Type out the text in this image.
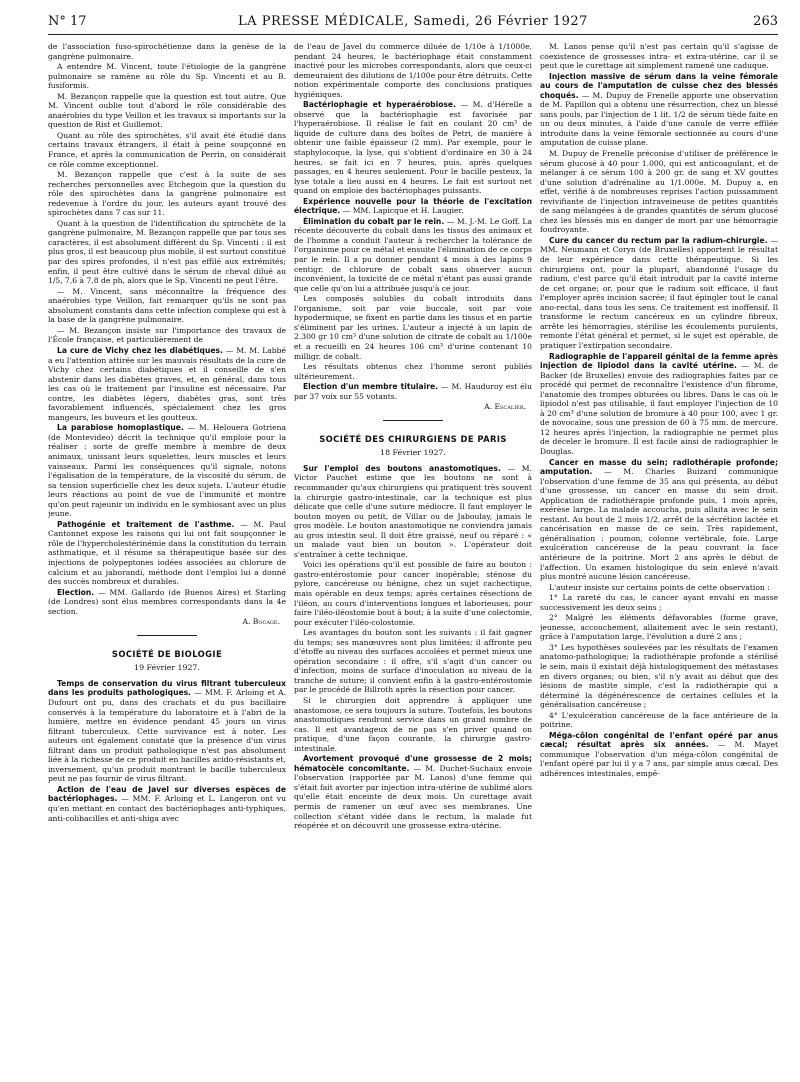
N° 17	LA PRESSE MÉDICALE, Samedi, 26 Février 1927	263

de l'association fuso-spirochétienne dans la genèse de la gangrène pulmonaire.

A entendre M. Vincent, toute l'étiologie de la gangrène pulmonaire se ramène au rôle du Sp. Vincenti et au B. fusiformis.

M. Bezançon rappelle que la question est tout autre. Que M. Vincent oublie tout d'abord le rôle considérable des anaérobies du type Veillon et les travaux si importants sur la question de Rist et Guillemot.

Quant au rôle des spirochètes, s'il avait été étudié dans certains travaux étrangers, il était à peine soupçonné en France, et après la communication de Perrin, on considérait ce rôle comme exceptionnel.

M. Bezançon rappelle que c'est à la suite de ses recherches personnelles avec Etchegoin que la question du rôle des spirochètes dans la gangrène pulmonaire est redevenue à l'ordre du jour, les auteurs ayant trouvé des spirochètes dans 7 cas sur 11.

Quant à la question de l'identification du spirochète de la gangrène pulmonaire, M. Bezançon rappelle que par tous ses caractères, il est absolument différent du Sp. Vincenti : il est plus gros, il est beaucoup plus mobile, il est surtout constitué par des spires profondes, il n'est pas effilé aux extrémités; enfin, il peut être cultivé dans le sérum de cheval dilué au 1/5, 7,6 à 7,8 de ph, alors que le Sp. Vincenti ne peut l'être.

— M. Vincent, sans méconnaître la fréquence des anaérobies type Veillon, fait remarquer qu'ils ne sont pas absolument constants dans cette infection complexe qui est à la base de la gangrène pulmonaire.

— M. Bezançon insiste sur l'importance des travaux de l'École française, et particulièrement de

La cure de Vichy chez les diabétiques. — M. M. Labbé a eu l'attention attirée sur les mauvais résultats de la cure de Vichy chez certains diabétiques et il conseille de s'en abstenir dans les diabètes graves, et, en général, dans tous les cas où le traitement par l'insuline est nécessaire. Par contre, les diabètes légers, diabètes gras, sont très favorablement influencés, spécialement chez les gros mangeurs, les buveurs et les goutteux.

La parabiose homoplastique. — M. Helouera Gotriena (de Montevideo) décrit la technique qu'il emploie pour la réaliser : sorte de greffe membre à membre de deux animaux, unissant leurs squelettes, leurs muscles et leurs vaisseaux. Parmi les conséquences qu'il signale, notons l'égalisation de la température, de la viscosité du sérum, de sa tension superficielle chez les deux sujets. L'auteur étudie leurs réactions au point de vue de l'immunité et montre qu'on peut rajeunir un individu en le symbiosant avec un plus jeune.

Pathogénie et traitement de l'asthme. — M. Paul Cantonnet expose les raisons qui lui ont fait soupçonner le rôle de l'hypercholestérinémie dans la constitution du terrain asthmatique, et il résume sa thérapeutique basée sur des injections de polypeptones iodées associées au chlorure de calcium et au jaborandi, méthode dont l'emploi lui a donné des succès nombreux et durables.

Election. — MM. Gallardo (de Buenos Aires) et Starling (de Londres) sont élus membres correspondants dans la 4e section.

A. Bocage.

SOCIÉTÉ DE BIOLOGIE
19 Février 1927.

Temps de conservation du virus filtrant tuberculeux dans les produits pathologiques. — MM. F. Arloing et A. Dufourt ont pu, dans des crachats et du pus bacillaire conservés à la température du laboratoire et à l'abri de la lumière, mettre en évidence pendant 45 jours un virus filtrant tuberculeux. Cette survivance est à noter. Les auteurs ont également constaté que la présence d'un virus filtrant dans un produit pathologique n'est pas absolument liée à la richesse de ce produit en bacilles acido-résistants et, inversement, qu'un produit montrant le bacille tuberculeux peut ne pas fournir de virus filtrant.

Action de l'eau de Javel sur diverses espèces de bactériophages. — MM. F. Arloing et L. Langeron ont vu qu'en mettant en contact des bactériophages anti-typhiques, anti-colibacilles et anti-shiga avec

de l'eau de Javel du commerce diluée de 1/10e à 1/1000e, pendant 24 heures, le bactériophage était constamment inactivé pour les microbes correspondants, alors que ceux-ci demeuraient des dilutions de 1/100e pour être détruits. Cette notion expérimentale comporte des conclusions pratiques hygiéniques.

Bactériophagie et hyperaérobiose. — M. d'Hérelle a observé que la bactériophagie est favorisée par l'hyperaérobiose. Il réalise le fait en coulant 20 cm³ de liquide de culture dans des boîtes de Petri, de manière à obtenir une faible épaisseur (2 mm). Par exemple, pour le staphylocoque, la lyse, qui s'obtient d'ordinaire en 30 à 24 heures, se fait ici en 7 heures, puis, après quelques passages, en 4 heures seulement. Pour le bacille pesteux, la lyse totale a lieu aussi en 4 heures. Le fait est surtout net quand on emploie des bactériophages puissants.

Expérience nouvelle pour la théorie de l'excitation électrique. — MM. Lapicque et H. Laugier.

Élimination du cobalt par le rein. — M. J.-M. Le Goff. La récente découverte du cobalt dans les tissus des animaux et de l'homme a conduit l'auteur à rechercher la tolérance de l'organisme pour ce métal et ensuite l'élimination de ce corps par le rein. Il a pu donner pendant 4 mois à des lapins 9 centigr. de chlorure de cobalt sans observer aucun inconvénient, la toxicité de ce métal n'étant pas aussi grande que celle qu'on lui a attribuée jusqu'à ce jour.

Les composés solubles du cobalt introduits dans l'organisme, soit par voie buccale, soit par voie hypodermique, se fixent en partie dans les tissus et en partie s'éliminent par les urines. L'auteur a injecté à un lapin de 2.300 gr 10 cm³ d'une solution de citrate de cobalt au 1/100e et a recueilli en 24 heures 106 cm³ d'urine contenant 10 milligr. de cobalt.

Les résultats obtenus chez l'homme seront publiés ultérieurement.

Election d'un membre titulaire. — M. Hauduroy est élu par 37 voix sur 55 votants.

A. Escalier.

SOCIÉTÉ DES CHIRURGIENS DE PARIS
18 Février 1927.

Sur l'emploi des boutons anastomotiques. — M. Victor Pauchet estime que les boutons ne sont à recommander qu'aux chirurgiens qui pratiquent très souvent la chirurgie gastro-intestinale, car la technique est plus délicate que celle d'une suture médiocre. Il faut employer le bouton moyen ou petit, de Villar ou de Jaboulay, jamais le gros modèle. Le bouton anastomotique ne conviendra jamais au gros intestin seul. Il doit être graissé, neuf ou réparé : « un malade vaut bien un bouton ». L'opérateur doit s'entraîner à cette technique.

Voici les opérations qu'il est possible de faire au bouton : gastro-entérostomie pour cancer inopérable; sténose du pylore, cancéreuse ou bénigne, chez un sujet cachectique, mais opérable en deux temps; après certaines résections de l'iléon, au cours d'interventions longues et laborieuses, pour faire l'iléo-iléostomie bout à bout; à la suite d'une colectomie, pour exécuter l'iléo-colostomie.

Les avantages du bouton sont les suivants : il fait gagner du temps; ses manœuvres sont plus limitées; il affronte peu d'étoffe au niveau des surfaces accolées et permet mieux une opération secondaire : il offre, s'il s'agit d'un cancer ou d'infection, moins de surface d'inoculation au niveau de la tranche de suture; il convient enfin à la gastro-entérostomie par le procédé de Billroth après la résection pour cancer.

Si le chirurgien doit apprendre à appliquer une anastomose, ce sera toujours la suture. Toutefois, les boutons anastomotiques rendront service dans un grand nombre de cas. Il est avantageux de ne pas s'en priver quand on pratique, d'une façon courante, la chirurgie gastro-intestinale.

Avortement provoqué d'une grossesse de 2 mois; hématocèle concomitante. — M. Duchet-Suchaux envoie l'observation (rapportée par M. Lanos) d'une femme qui s'était fait avorter par injection intra-utérine de sublimé alors qu'elle était enceinte de deux mois. Un curettage avait permis de ramener un œuf avec ses membranes. Une collection s'étant vidée dans le rectum, la malade fut réopérée et on découvrit une grossesse extra-utérine.

M. Lanos pense qu'il n'est pas certain qu'il s'agisse de coexistence de grossesses intra- et extra-utérine, car il se peut que le curettage ait simplement ramené une caduque.

Injection massive de sérum dans la veine fémorale au cours de l'amputation de cuisse chez des blessés choqués. — M. Dupuy de Frenelle apporte une observation de M. Papillon qui a obtenu une résurrection, chez un blessé sans pouls, par l'injection de 1 lit. 1/2 de sérum tiède faite en un ou deux minutes, à l'aide d'une canule de verre effilée introduite dans la veine fémorale sectionnée au cours d'une amputation de cuisse plane.

M. Dupuy de Frenelle préconise d'utiliser de préférence le sérum glucosé à 40 pour 1.000, qui est anticoagulant, et de mélanger à ce sérum 100 à 200 gr. de sang et XV gouttes d'une solution d'adrénaline au 1/1.000e. M. Dupuy a, en effet, vérifié à de nombreuses reprises l'action puissamment revivifiante de l'injection intraveineuse de petites quantités de sang mélangées à de grandes quantités de sérum glucosé chez les blessés mis en danger de mort par une hémorragie foudroyante.

Cure du cancer du rectum par la radium-chirurgie. — MM. Neumann et Coryn (de Bruxelles) apportent le résultat de leur expérience dans cette thérapeutique. Si les chirurgiens ont, pour la plupart, abandonné l'usage du radium, c'est parce qu'il était introduit par la cavité interne de cet organe; or, pour que le radium soit efficace, il faut l'employer après incision sacrée; il faut épingler tout le canal ano-rectal, dans tous les sens. Ce traitement est inoffensif. Il transforme le rectum cancéreux en un cylindre fibreux, arrête les hémorragies, stérilise les écoulements purulents, remonte l'état général et permet, si le sujet est opérable, de pratiquer l'extirpation secondaire.

Radiographie de l'appareil génital de la femme après injection de lipiodol dans la cavité utérine. — M. de Backer (de Bruxelles) envoie des radiographies faites par ce procédé qui permet de reconnaître l'existence d'un fibrome, l'anatomie des trompes obturées ou libres. Dans le cas où le lipiodol n'est pas utilisable, il faut employer l'injection de 10 à 20 cm³ d'une solution de bromure à 40 pour 100, avec 1 gr. de novocaïne, sous une pression de 60 à 75 mm. de mercure. 12 heures après l'injection, la radiographie ne permet plus de déceler le bromure. Il est facile ainsi de radiographier le Douglas.

Cancer en masse du sein; radiothérapie profonde; amputation. — M. Charles Buizard communique l'observation d'une femme de 35 ans qui présenta, au début d'une grossesse, un cancer en masse du sein droit. Application de radiothérapie profonde puis, 1 mois après, exérèse large. La malade accoucha, puis allaita avec le sein restant. Au bout de 2 mois 1/2, arrêt de la sécrétion lactée et cancérisation en masse de ce sein. Très rapidement, généralisation : poumon, colonne vertébrale, foie. Large exulcération cancéreuse de la peau couvrant la face antérieure de la poitrine. Mort 2 ans après le début de l'affection. Un examen histologique du sein enlevé n'avait plus montré aucune lésion cancéreuse.

L'auteur insiste sur certains points de cette observation :

1° La rareté du cas, le cancer ayant envahi en masse successivement les deux seins ;

2° Malgré les éléments défavorables (forme grave, jeunesse, accouchement, allaitement avec le sein restant), grâce à l'amputation large, l'évolution a duré 2 ans ;

3° Les hypothèses soulevées par les résultats de l'examen anatomo-pathologique; la radiothérapie profonde a stérilisé le sein, mais il existait déjà histologiquement des métastases en divers organes; ou bien, s'il n'y avait au début que des lésions de mastite simple, c'est la radiothérapie qui a déterminé la dégénérescence de certaines cellules et la généralisation cancéreuse ;

4° L'exulcération cancéreuse de la face antérieure de la poitrine.

Méga-côlon congénital de l'enfant opéré par anus cæcal; résultat après six années. — M. Mayet communique l'observation d'un méga-côlon congénital de l'enfant opéré par lui il y a 7 ans, par simple anus cæcal. Des adhérences intestinales, empê-
